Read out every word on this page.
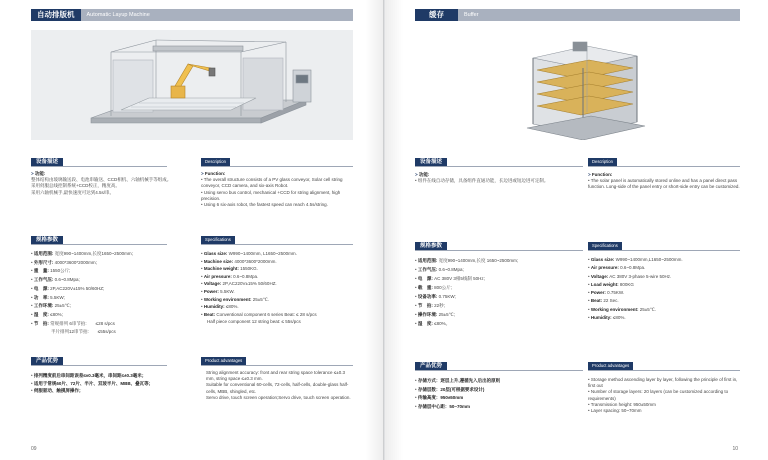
自动排版机	Automatic Layup Machine
设备描述	Description
> 功能:
整体结构由玻璃输送段、电池串输送、CCD相机、六轴机械手等组成。
采用伺服总线控制系统+CCD校正，精度高。
采用六轴机械手,最快速度可达到4.5s/串。
> Function:
• The overall structure consists of a PV glass conveyor, Solar cell string conveyor, CCD camera, and six-axis Robot.
• Using servo bus control, mechanical +CCD for string alignment, high precision.
• Using 6 six-axis robot, the fastest speed can reach 4.5s/string.
规格参数	Specifications
• 适用范围: 宽度990~1400mm,长度1650~2500mm;
• 外形尺寸: 4000*3600*2000mm;
• 重　量: 1550公斤;
• 工作气压: 0.6~0.8Mpa;
• 电　源: 2P,AC220V±15% 50/60HZ;
• 功　率: 5.5KW;
• 工作环境: 25±5℃;
• 湿　度: ≤80%;
• 节　拍: 常规排列 6串节拍:　　≤28 s/pcs
半片排列12串节拍:　　≤55s/pcs
• Glass size: W990~1400mm, L1650~2500mm.
• Machine size: 4000*3600*2000mm.
• Machine weight: 1550KG.
• Air pressure: 0.6~0.8Mpa.
• Voltage: 2P,AC220V±15% 50/60HZ.
• Power: 5.5KW.
• Working environment: 25±5℃.
• Humidity: ≤80%.
• Beat: Conventional component 6 series Beat: ≤ 28 s/pcs
Half piece component 12 string beat: ≤ 55s/pcs
产品优势	Product advantages
• 排列精度前后串间距误差≤±0.3毫米，串间距≤±0.3毫米；
• 适用于常规60片、72片、半片、双玻半片、MBB、叠瓦等；
• 伺服驱动、触摸屏操作；
String alignment accuracy: front and rear string space tolerance ≤±0.3 mm, string space ≤±0.3 mm.
Suitable for conventional 60-cells, 72-cells, half-cells, double-glass half-cells, MBB, shingled, etc.
Servo drive, touch screen operation;Servo drive, touch screen operation.
09
缓存	Buffer
设备描述	Description
> 功能:
• 组件在线自动存储，具备组件直通功能，长边进或短边进可定制。
> Function:
• The solar panel is automatically stored online and has a panel direct pass function. Long-side of the panel entry or short-side entry can be customized.
规格参数	Specifications
• 适用范围: 宽度990~1400mm,长度 1650~2500mm;
• 工作气压: 0.6~0.8Mpa;
• 电　源: AC 380V 3相5线制 50Hz;
• 载　重: 800公斤;
• 设备功率: 0.75KW;
• 节　拍: 22秒;
• 操作环境: 25±5℃;
• 湿　度: ≤80%。
• Glass size: W990~1400mm,L1650~2500mm.
• Air pressure: 0.6~0.8Mpa.
• Voltage: AC 380V 3-phase 5-wire 50Hz.
• Load weight: 800KG
• Power: 0.75KW.
• Beat: 22 Sec.
• Working environment: 25±5℃.
• Humidity: ≤80%.
产品优势	Product advantages
• 存储方式：逐层上升,遵循先入后出的原则
• 存储层数：20层(可根据要求设计)
• 传输高度：950±50mm
• 存储层中心距：50~70mm
• Storage method ascending layer by layer, following the principle of first in, first out
• Number of storage layers: 20 layers (can be customized according to requirements)
• Transmission height: 950±50mm
• Layer spacing: 50~70mm
10
